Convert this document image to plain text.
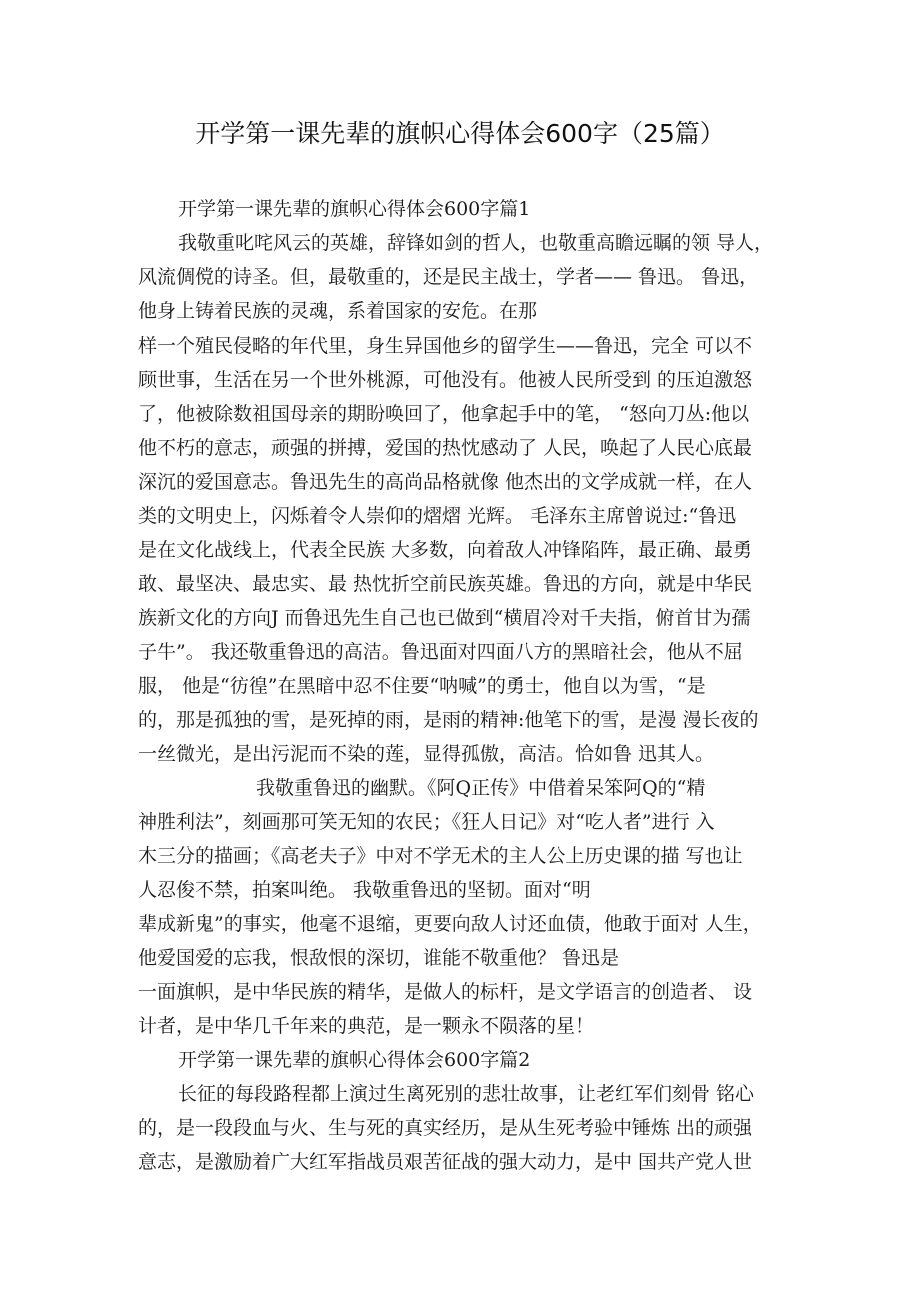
开学第一课先辈的旗帜心得体会600字（25篇）
开学第一课先辈的旗帜心得体会600字篇1
我敬重叱咤风云的英雄，辞锋如剑的哲人，也敬重高瞻远瞩的领 导人，
风流倜傥的诗圣。但，最敬重的，还是民主战士，学者—— 鲁迅。 鲁迅，
他身上铸着民族的灵魂，系着国家的安危。在那
样一个殖民侵略的年代里，身生异国他乡的留学生——鲁迅，完全 可以不
顾世事，生活在另一个世外桃源，可他没有。他被人民所受到 的压迫激怒
了，他被除数祖国母亲的期盼唤回了，他拿起手中的笔， “怒向刀丛:他以
他不朽的意志，顽强的拼搏，爱国的热忱感动了 人民，唤起了人民心底最
深沉的爱国意志。鲁迅先生的高尚品格就像 他杰出的文学成就一样，在人
类的文明史上，闪烁着令人崇仰的熠熠 光辉。 毛泽东主席曾说过:“鲁迅
是在文化战线上，代表全民族 大多数，向着敌人冲锋陷阵，最正确、最勇
敢、最坚决、最忠实、最 热忱折空前民族英雄。鲁迅的方向，就是中华民
族新文化的方向J 而鲁迅先生自己也已做到“横眉冷对千夫指，俯首甘为孺
子牛”。 我还敬重鲁迅的高洁。鲁迅面对四面八方的黑暗社会，他从不屈
服， 他是“彷徨”在黑暗中忍不住要“呐喊”的勇士，他自以为雪，“是
的，那是孤独的雪，是死掉的雨，是雨的精神:他笔下的雪，是漫 漫长夜的
一丝微光，是出污泥而不染的莲，显得孤傲，高洁。恰如鲁 迅其人。
我敬重鲁迅的幽默。《阿Q正传》中借着呆笨阿Q的“精
神胜利法”，刻画那可笑无知的农民；《狂人日记》对“吃人者”进行 入
木三分的描画；《高老夫子》中对不学无术的主人公上历史课的描 写也让
人忍俊不禁，拍案叫绝。 我敬重鲁迅的坚韧。面对“明
辈成新鬼”的事实，他毫不退缩，更要向敌人讨还血债，他敢于面对 人生，
他爱国爱的忘我，恨敌恨的深切，谁能不敬重他？ 鲁迅是
一面旗帜，是中华民族的精华，是做人的标杆，是文学语言的创造者、 设
计者，是中华几千年来的典范，是一颗永不陨落的星！
开学第一课先辈的旗帜心得体会600字篇2
长征的每段路程都上演过生离死别的悲壮故事，让老红军们刻骨 铭心
的，是一段段血与火、生与死的真实经历，是从生死考验中锤炼 出的顽强
意志，是激励着广大红军指战员艰苦征战的强大动力，是中 国共产党人世
